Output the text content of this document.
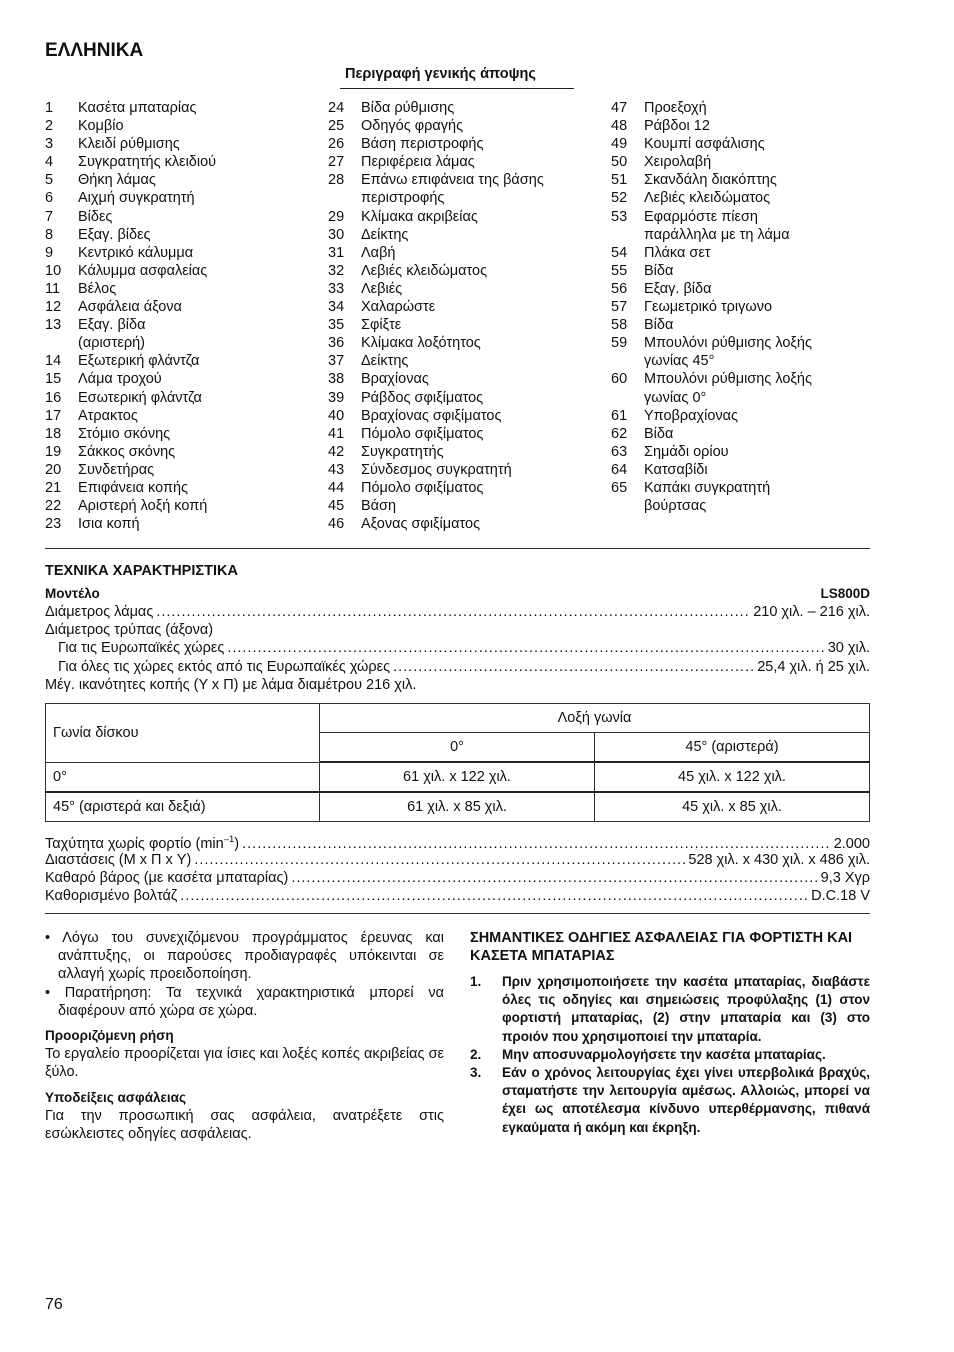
ΕΛΛΗΝΙΚΑ
Περιγραφή γενικής άποψης
1	Κασέτα μπαταρίας
2	Κομβίο
3	Κλειδί ρύθμισης
4	Συγκρατητής κλειδιού
5	Θήκη λάμας
6	Αιχμή συγκρατητή
7	Βίδες
8	Εξαγ. βίδες
9	Κεντρικό κάλυμμα
10	Κάλυμμα ασφαλείας
11	Βέλος
12	Ασφάλεια άξονα
13	Εξαγ. βίδα
(αριστερή)
14	Εξωτερική φλάντζα
15	Λάμα τροχού
16	Εσωτερική φλάντζα
17	Ατρακτος
18	Στόμιο σκόνης
19	Σάκκος σκόνης
20	Συνδετήρας
21	Επιφάνεια κοπής
22	Αριστερή λοξή κοπή
23	Ισια κοπή
24	Βίδα ρύθμισης
25	Οδηγός φραγής
26	Βάση περιστροφής
27	Περιφέρεια λάμας
28	Επάνω επιφάνεια της βάσης
περιστροφής
29	Κλίμακα ακριβείας
30	Δείκτης
31	Λαβή
32	Λεβιές κλειδώματος
33	Λεβιές
34	Χαλαρώστε
35	Σφίξτε
36	Κλίμακα λοξότητος
37	Δείκτης
38	Βραχίονας
39	Ράβδος σφιξίματος
40	Βραχίονας σφιξίματος
41	Πόμολο σφιξίματος
42	Συγκρατητής
43	Σύνδεσμος συγκρατητή
44	Πόμολο σφιξίματος
45	Βάση
46	Αξονας σφιξίματος
47	Προεξοχή
48	Ράβδοι 12
49	Κουμπί ασφάλισης
50	Χειρολαβή
51	Σκανδάλη διακόπτης
52	Λεβιές κλειδώματος
53	Εφαρμόστε πίεση
παράλληλα με τη λάμα
54	Πλάκα σετ
55	Βίδα
56	Εξαγ. βίδα
57	Γεωμετρικό τριγωνο
58	Βίδα
59	Μπουλόνι ρύθμισης λοξής
γωνίας 45°
60	Μπουλόνι ρύθμισης λοξής
γωνίας 0°
61	Υποβραχίονας
62	Βίδα
63	Σημάδι ορίου
64	Κατσαβίδι
65	Καπάκι συγκρατητή
βούρτσας
ΤΕΧΝΙΚΑ ΧΑΡΑΚΤΗΡΙΣΤΙΚΑ
Μοντέλο	LS800D
Διάμετρος λάμας .....	210 χιλ. – 216 χιλ.
Διάμετρος τρύπας (άξονα)
Για τις Ευρωπαϊκές χώρες .....	30 χιλ.
Για όλες τις χώρες εκτός από τις Ευρωπαϊκές χώρες .....	25,4 χιλ. ή 25 χιλ.
Μέγ. ικανότητες κοπής (Υ x Π) με λάμα διαμέτρου 216 χιλ.
Γωνία δίσκου	Λοξή γωνία	
	0°	45° (αριστερά)
0°	61 χιλ. x 122 χιλ.	45 χιλ. x 122 χιλ.
45° (αριστερά και δεξιά)	61 χιλ. x 85 χιλ.	45 χιλ. x 85 χιλ.
Ταχύτητα χωρίς φορτίο $(\min^{-1})$ .....	2.000
Διαστάσεις (Μ x Π x Υ) .....	528 χιλ. x 430 χιλ. x 486 χιλ.
Καθαρό βάρος (με κασέτα μπαταρίας) .....	9,3 Χγρ
Καθορισμένο βολτάζ .....	D.C.18 V
• Λόγω του συνεχιζόμενου προγράμματος έρευνας και ανάπτυξης, οι παρούσες προδιαγραφές υπόκεινται σε αλλαγή χωρίς προειδοποίηση.
• Παρατήρηση: Τα τεχνικά χαρακτηριστικά μπορεί να διαφέρουν από χώρα σε χώρα.
Προοριζόμενη ρήση
Το εργαλείο προορίζεται για ίσιες και λοξές κοπές ακριβείας σε ξύλο.
Υποδείξεις ασφάλειας
Για την προσωπική σας ασφάλεια, ανατρέξετε στις εσώκλειστες οδηγίες ασφάλειας.
ΣΗΜΑΝΤΙΚΕΣ ΟΔΗΓΙΕΣ ΑΣΦΑΛΕΙΑΣ ΓΙΑ ΦΟΡΤΙΣΤΗ ΚΑΙ ΚΑΣΕΤΑ ΜΠΑΤΑΡΙΑΣ
1.	Πριν χρησιμοποιήσετε την κασέτα μπαταρίας, διαβάστε όλες τις οδηγίες και σημειώσεις προφύλαξης (1) στον φορτιστή μπαταρίας, (2) στην μπαταρία και (3) στο προιόν που χρησιμοποιεί την μπαταρία.
2.	Μην αποσυναρμολογήσετε την κασέτα μπαταρίας.
3.	Εάν ο χρόνος λειτουργίας έχει γίνει υπερβολικά βραχύς, σταματήστε την λειτουργία αμέσως. Αλλοιώς, μπορεί να έχει ως αποτέλεσμα κίνδυνο υπερθέρμανσης, πιθανά εγκαύματα ή ακόμη και έκρηξη.
76
